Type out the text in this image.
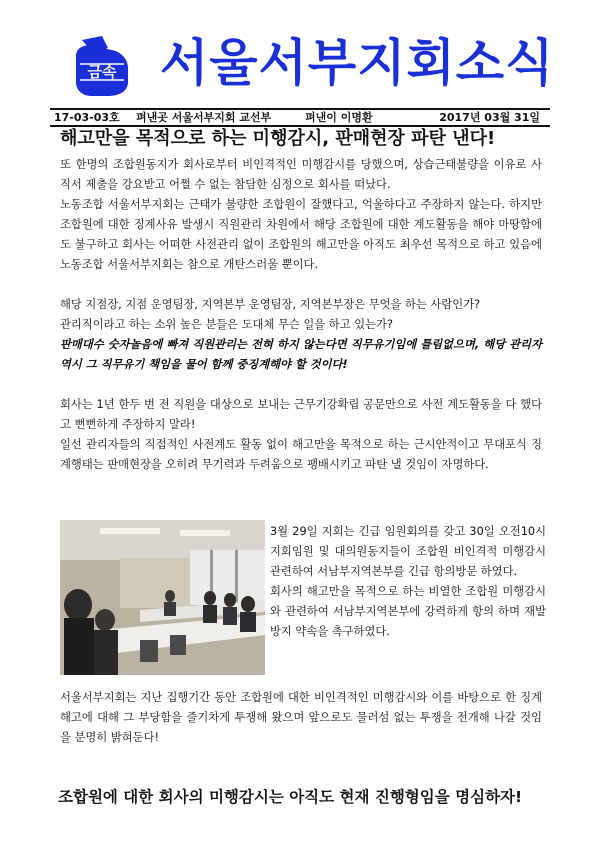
금속 서울서부지회소식
17-03-03호 펴낸곳 서울서부지회 교선부	펴낸이 이명환	2017년 03월 31일
해고만을 목적으로 하는 미행감시, 판매현장 파탄 낸다!

또 한명의 조합원동지가 회사로부터 비인격적인 미행감시를 당했으며, 상습근태불량을 이유로 사직서 제출을 강요받고 어쩔 수 없는 참담한 심정으로 회사를 떠났다.

노동조합 서울서부지회는 근태가 불량한 조합원이 잘했다고, 억울하다고 주장하지 않는다. 하지만 조합원에 대한 징계사유 발생시 직원관리 차원에서 해당 조합원에 대한 계도활동을 해야 마땅함에도 불구하고 회사는 어떠한 사전관리 없이 조합원의 해고만을 아직도 최우선 목적으로 하고 있음에 노동조합 서울서부지회는 참으로 개탄스러울 뿐이다.

해당 지점장, 지점 운영팀장, 지역본부 운영팀장, 지역본부장은 무엇을 하는 사람인가?

관리직이라고 하는 소위 높은 분들은 도대체 무슨 일을 하고 있는가?

판매대수 숫자놀음에 빠져 직원관리는 전혀 하지 않는다면 직무유기임에 틀림없으며, 해당 관리자 역시 그 직무유기 책임을 물어 함께 중징계해야 할 것이다!

회사는 1년 한두 번 전 직원을 대상으로 보내는 근무기강확립 공문만으로 사전 계도활동을 다 했다고 뻔뻔하게 주장하지 말라!

일선 관리자들의 직접적인 사전계도 활동 없이 해고만을 목적으로 하는 근시안적이고 무대포식 징계행태는 판매현장을 오히려 무기력과 두려움으로 팽배시키고 파탄 낼 것임이 자명하다.

3월 29일 지회는 긴급 임원회의를 갖고 30일 오전10시 지회임원 및 대의원동지들이 조합원 비인격적 미행감시 관련하여 서남부지역본부를 긴급 항의방문 하였다.

회사의 해고만을 목적으로 하는 비열한 조합원 미행감시와 관련하여 서남부지역본부에 강력하게 항의 하며 재발방지 약속을 촉구하였다.

서울서부지회는 지난 집행기간 동안 조합원에 대한 비인격적인 미행감시와 이를 바탕으로 한 징계해고에 대해 그 부당함을 줄기차게 투쟁해 왔으며 앞으로도 물러섬 없는 투쟁을 전개해 나갈 것임을 분명히 밝혀둔다!

조합원에 대한 회사의 미행감시는 아직도 현재 진행형임을 명심하자!
